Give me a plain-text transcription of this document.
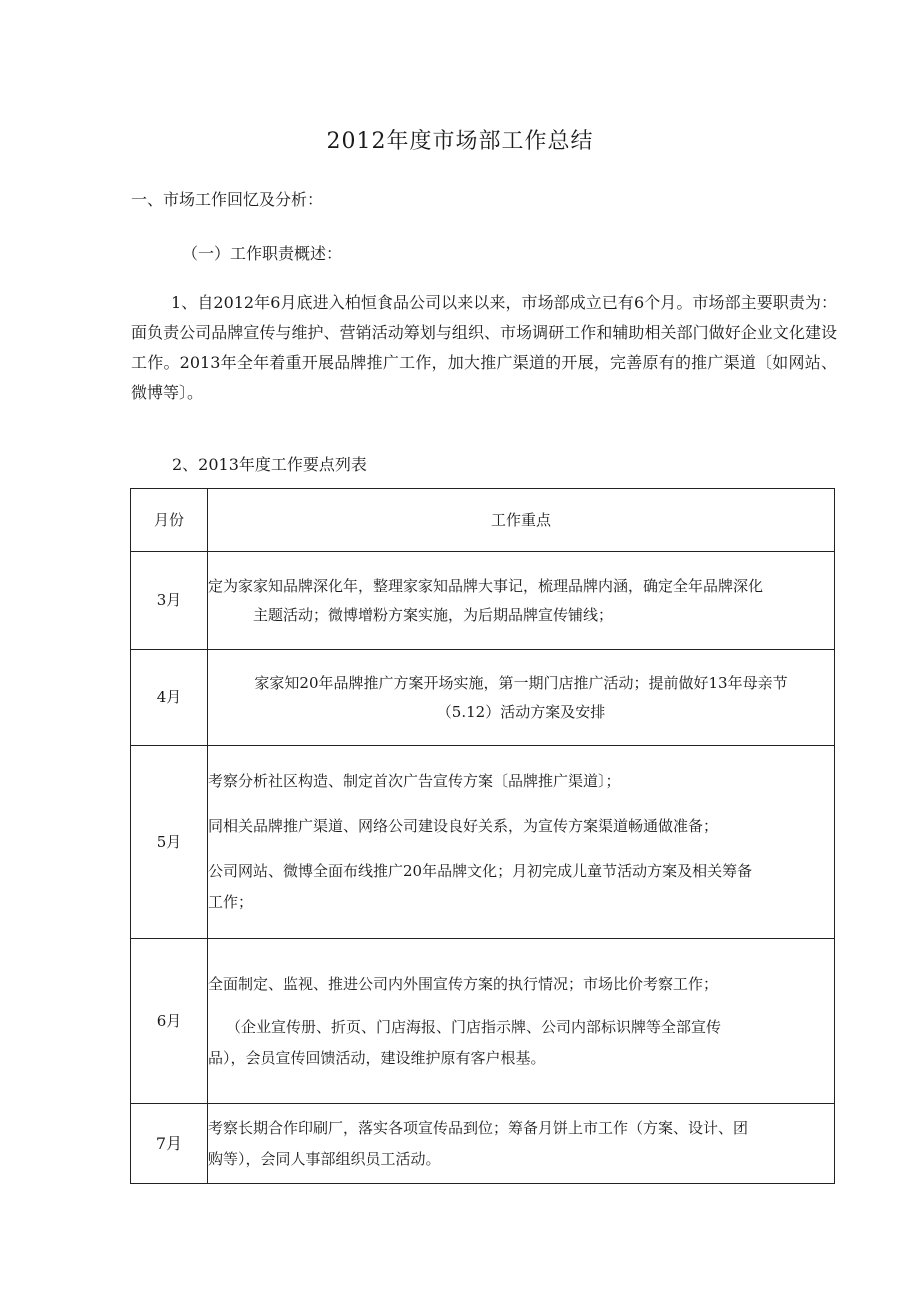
2012年度市场部工作总结
一、市场工作回忆及分析：
（一）工作职责概述：

1、自2012年6月底进入柏恒食品公司以来以来，市场部成立已有6个月。市场部主要职责为：面负责公司品牌宣传与维护、营销活动筹划与组织、市场调研工作和辅助相关部门做好企业文化建设工作。2013年全年着重开展品牌推广工作，加大推广渠道的开展，完善原有的推广渠道〔如网站、微博等〕。

2、2013年度工作要点列表
月份	工作重点
3月	定为家家知品牌深化年，整理家家知品牌大事记，梳理品牌内涵，确定全年品牌深化
主题活动；微博增粉方案实施，为后期品牌宣传铺线；

4月	家家知20年品牌推广方案开场实施，第一期门店推广活动；提前做好13年母亲节
（5.12）活动方案及安排

5月	考察分析社区构造、制定首次广告宣传方案〔品牌推广渠道〕；
同相关品牌推广渠道、网络公司建设良好关系，为宣传方案渠道畅通做准备；
公司网站、微博全面布线推广20年品牌文化；月初完成儿童节活动方案及相关筹备
工作；

6月	全面制定、监视、推进公司内外围宣传方案的执行情况；市场比价考察工作；
（企业宣传册、折页、门店海报、门店指示牌、公司内部标识牌等全部宣传
品），会员宣传回馈活动，建设维护原有客户根基。

7月	考察长期合作印刷厂，落实各项宣传品到位；筹备月饼上市工作（方案、设计、团
购等），会同人事部组织员工活动。
